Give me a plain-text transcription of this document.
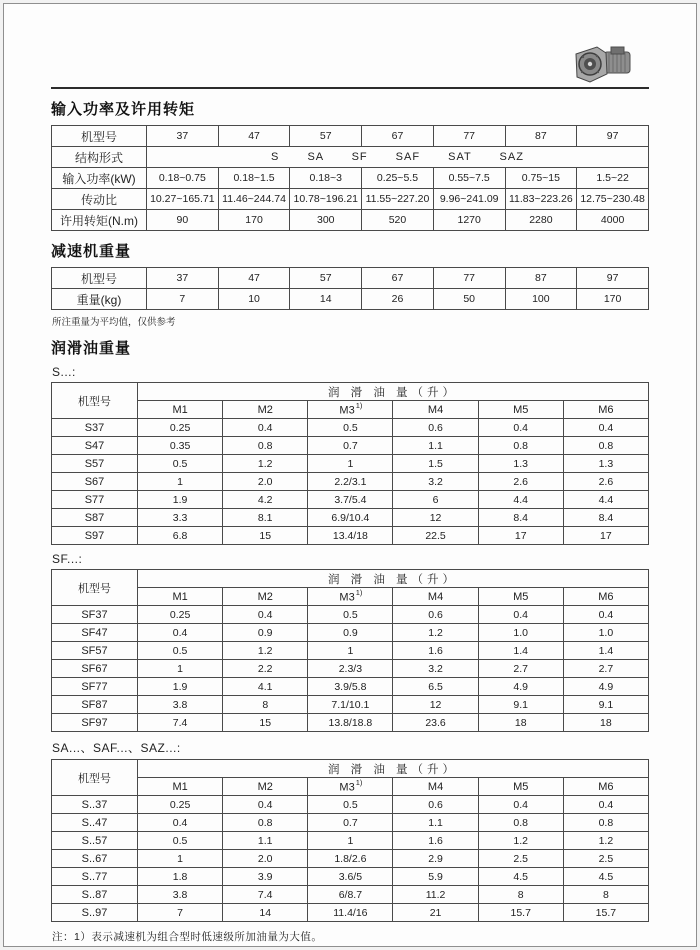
输入功率及许用转矩
机型号	37	47	57	67	77	87	97
结构形式	S SA SF SAF SAT SAZ						
输入功率(kW)	0.18~0.75	0.18~1.5	0.18~3	0.25~5.5	0.55~7.5	0.75~15	1.5~22
传动比	10.27~165.71	11.46~244.74	10.78~196.21	11.55~227.20	9.96~241.09	11.83~223.26	12.75~230.48
许用转矩(N.m)	90	170	300	520	1270	2280	4000
减速机重量
机型号	37	47	57	67	77	87	97
重量(kg)	7	10	14	26	50	100	170
所注重量为平均值，仅供参考
润滑油重量
S...:
机型号	润 滑 油 量（升）					
	M1	M2	M3$^{1)}$	M4	M5	M6
S37	0.25	0.4	0.5	0.6	0.4	0.4
S47	0.35	0.8	0.7	1.1	0.8	0.8
S57	0.5	1.2	1	1.5	1.3	1.3
S67	1	2.0	2.2/3.1	3.2	2.6	2.6
S77	1.9	4.2	3.7/5.4	6	4.4	4.4
S87	3.3	8.1	6.9/10.4	12	8.4	8.4
S97	6.8	15	13.4/18	22.5	17	17
SF...:
机型号	润 滑 油 量（升）					
	M1	M2	M3$^{1)}$	M4	M5	M6
SF37	0.25	0.4	0.5	0.6	0.4	0.4
SF47	0.4	0.9	0.9	1.2	1.0	1.0
SF57	0.5	1.2	1	1.6	1.4	1.4
SF67	1	2.2	2.3/3	3.2	2.7	2.7
SF77	1.9	4.1	3.9/5.8	6.5	4.9	4.9
SF87	3.8	8	7.1/10.1	12	9.1	9.1
SF97	7.4	15	13.8/18.8	23.6	18	18
SA...、SAF...、SAZ...:
机型号	润 滑 油 量（升）					
	M1	M2	M3$^{1)}$	M4	M5	M6
S..37	0.25	0.4	0.5	0.6	0.4	0.4
S..47	0.4	0.8	0.7	1.1	0.8	0.8
S..57	0.5	1.1	1	1.6	1.2	1.2
S..67	1	2.0	1.8/2.6	2.9	2.5	2.5
S..77	1.8	3.9	3.6/5	5.9	4.5	4.5
S..87	3.8	7.4	6/8.7	11.2	8	8
S..97	7	14	11.4/16	21	15.7	15.7
注：1）表示减速机为组合型时低速级所加油量为大值。
